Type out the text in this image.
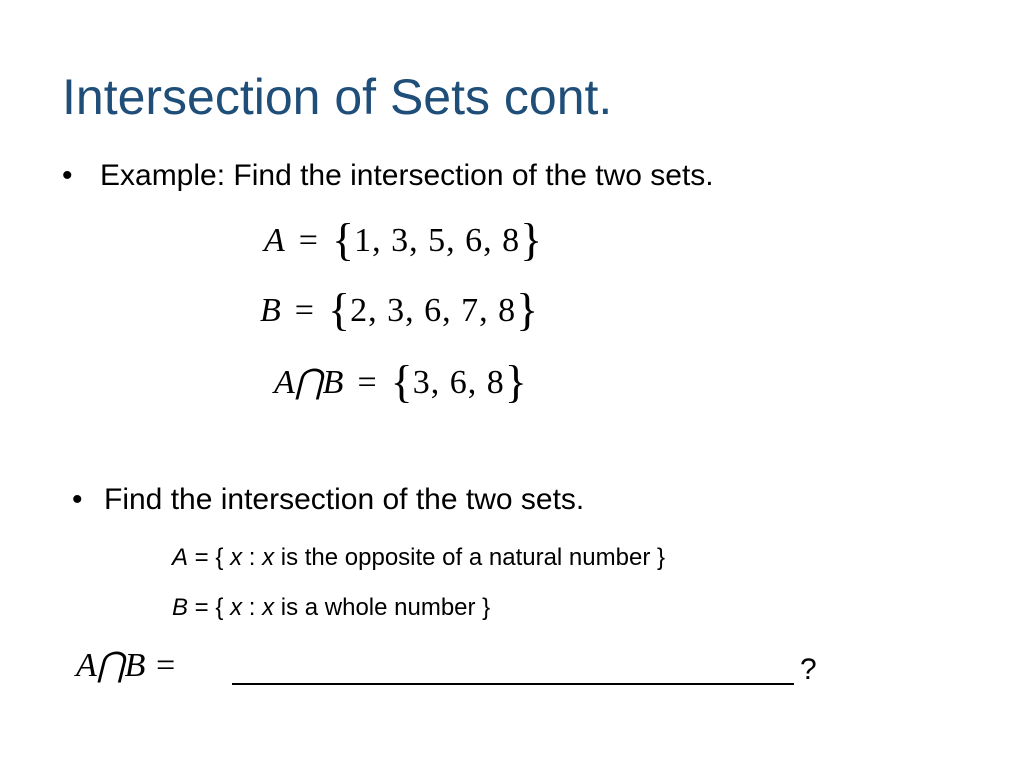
Intersection of Sets cont.
• Example: Find the intersection of the two sets.
A = {1, 3, 5, 6, 8}
B = {2, 3, 6, 7, 8}
A⋂B = {3, 6, 8}
• Find the intersection of the two sets.
A = { x : x is the opposite of a natural number }
B = { x : x is a whole number }
A⋂B =	?
